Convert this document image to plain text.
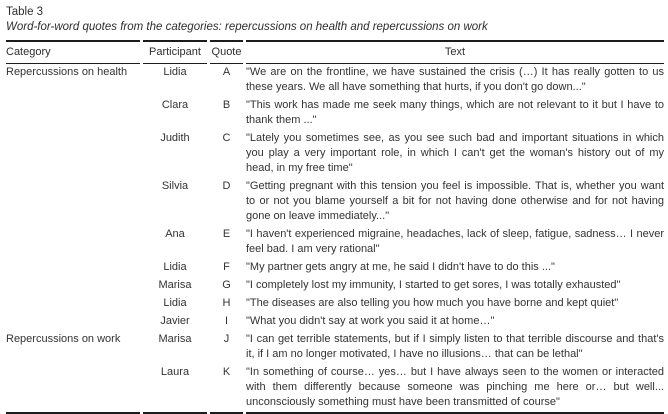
Table 3
Word-for-word quotes from the categories: repercussions on health and repercussions on work
Category	Participant	Quote	Text
Repercussions on health	Lidia	A	"We are on the frontline, we have sustained the crisis (…) It has really gotten to us these years. We all have something that hurts, if you don't go down..."
	Clara	B	"This work has made me seek many things, which are not relevant to it but I have to thank them ..."
	Judith	C	"Lately you sometimes see, as you see such bad and important situations in which you play a very important role, in which I can't get the woman's history out of my head, in my free time"
	Silvia	D	"Getting pregnant with this tension you feel is impossible. That is, whether you want to or not you blame yourself a bit for not having done otherwise and for not having gone on leave immediately..."
	Ana	E	"I haven't experienced migraine, headaches, lack of sleep, fatigue, sadness… I never feel bad. I am very rational"
	Lidia	F	"My partner gets angry at me, he said I didn't have to do this ..."
	Marisa	G	"I completely lost my immunity, I started to get sores, I was totally exhausted"
	Lidia	H	"The diseases are also telling you how much you have borne and kept quiet"
	Javier	I	"What you didn't say at work you said it at home…"
Repercussions on work	Marisa	J	"I can get terrible statements, but if I simply listen to that terrible discourse and that's it, if I am no longer motivated, I have no illusions… that can be lethal"
	Laura	K	"In something of course… yes… but I have always seen to the women or interacted with them differently because someone was pinching me here or… but well... unconsciously something must have been transmitted of course"
